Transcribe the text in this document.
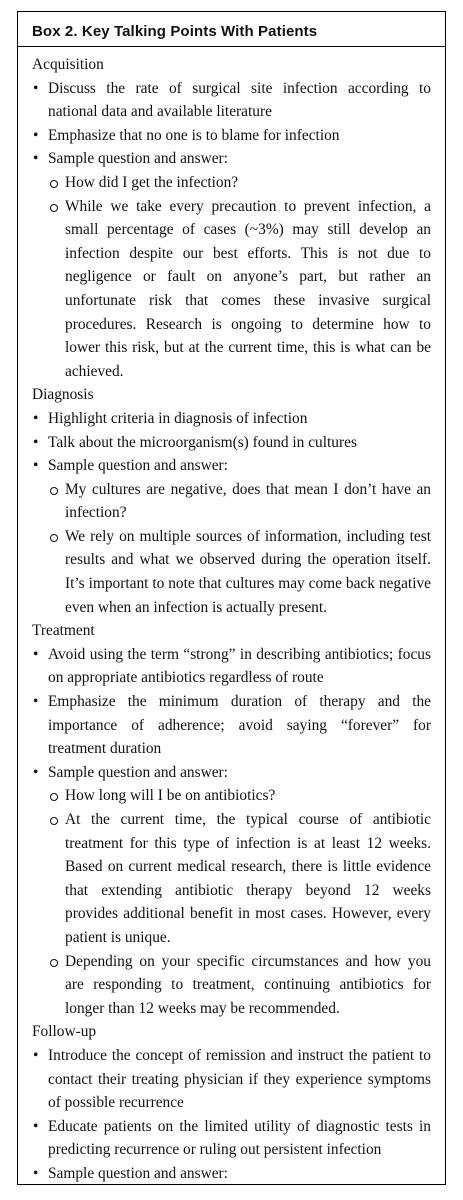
Box 2. Key Talking Points With Patients
Acquisition
• Discuss the rate of surgical site infection according to national data and available literature
• Emphasize that no one is to blame for infection
• Sample question and answer:
How did I get the infection?
While we take every precaution to prevent infection, a small percentage of cases (~3%) may still develop an infection despite our best efforts. This is not due to negligence or fault on anyone’s part, but rather an unfortunate risk that comes these invasive surgical procedures. Research is ongoing to determine how to lower this risk, but at the current time, this is what can be achieved.
Diagnosis
• Highlight criteria in diagnosis of infection
• Talk about the microorganism(s) found in cultures
• Sample question and answer:
My cultures are negative, does that mean I don’t have an infection?
We rely on multiple sources of information, including test results and what we observed during the operation itself. It’s important to note that cultures may come back negative even when an infection is actually present.
Treatment
• Avoid using the term “strong” in describing antibiotics; focus on appropriate antibiotics regardless of route
• Emphasize the minimum duration of therapy and the importance of adherence; avoid saying “forever” for treatment duration
• Sample question and answer:
How long will I be on antibiotics?
At the current time, the typical course of antibiotic treatment for this type of infection is at least 12 weeks. Based on current medical research, there is little evidence that extending antibiotic therapy beyond 12 weeks provides additional benefit in most cases. However, every patient is unique.
Depending on your specific circumstances and how you are responding to treatment, continuing antibiotics for longer than 12 weeks may be recommended.
Follow-up
• Introduce the concept of remission and instruct the patient to contact their treating physician if they experience symptoms of possible recurrence
• Educate patients on the limited utility of diagnostic tests in predicting recurrence or ruling out persistent infection
• Sample question and answer:
